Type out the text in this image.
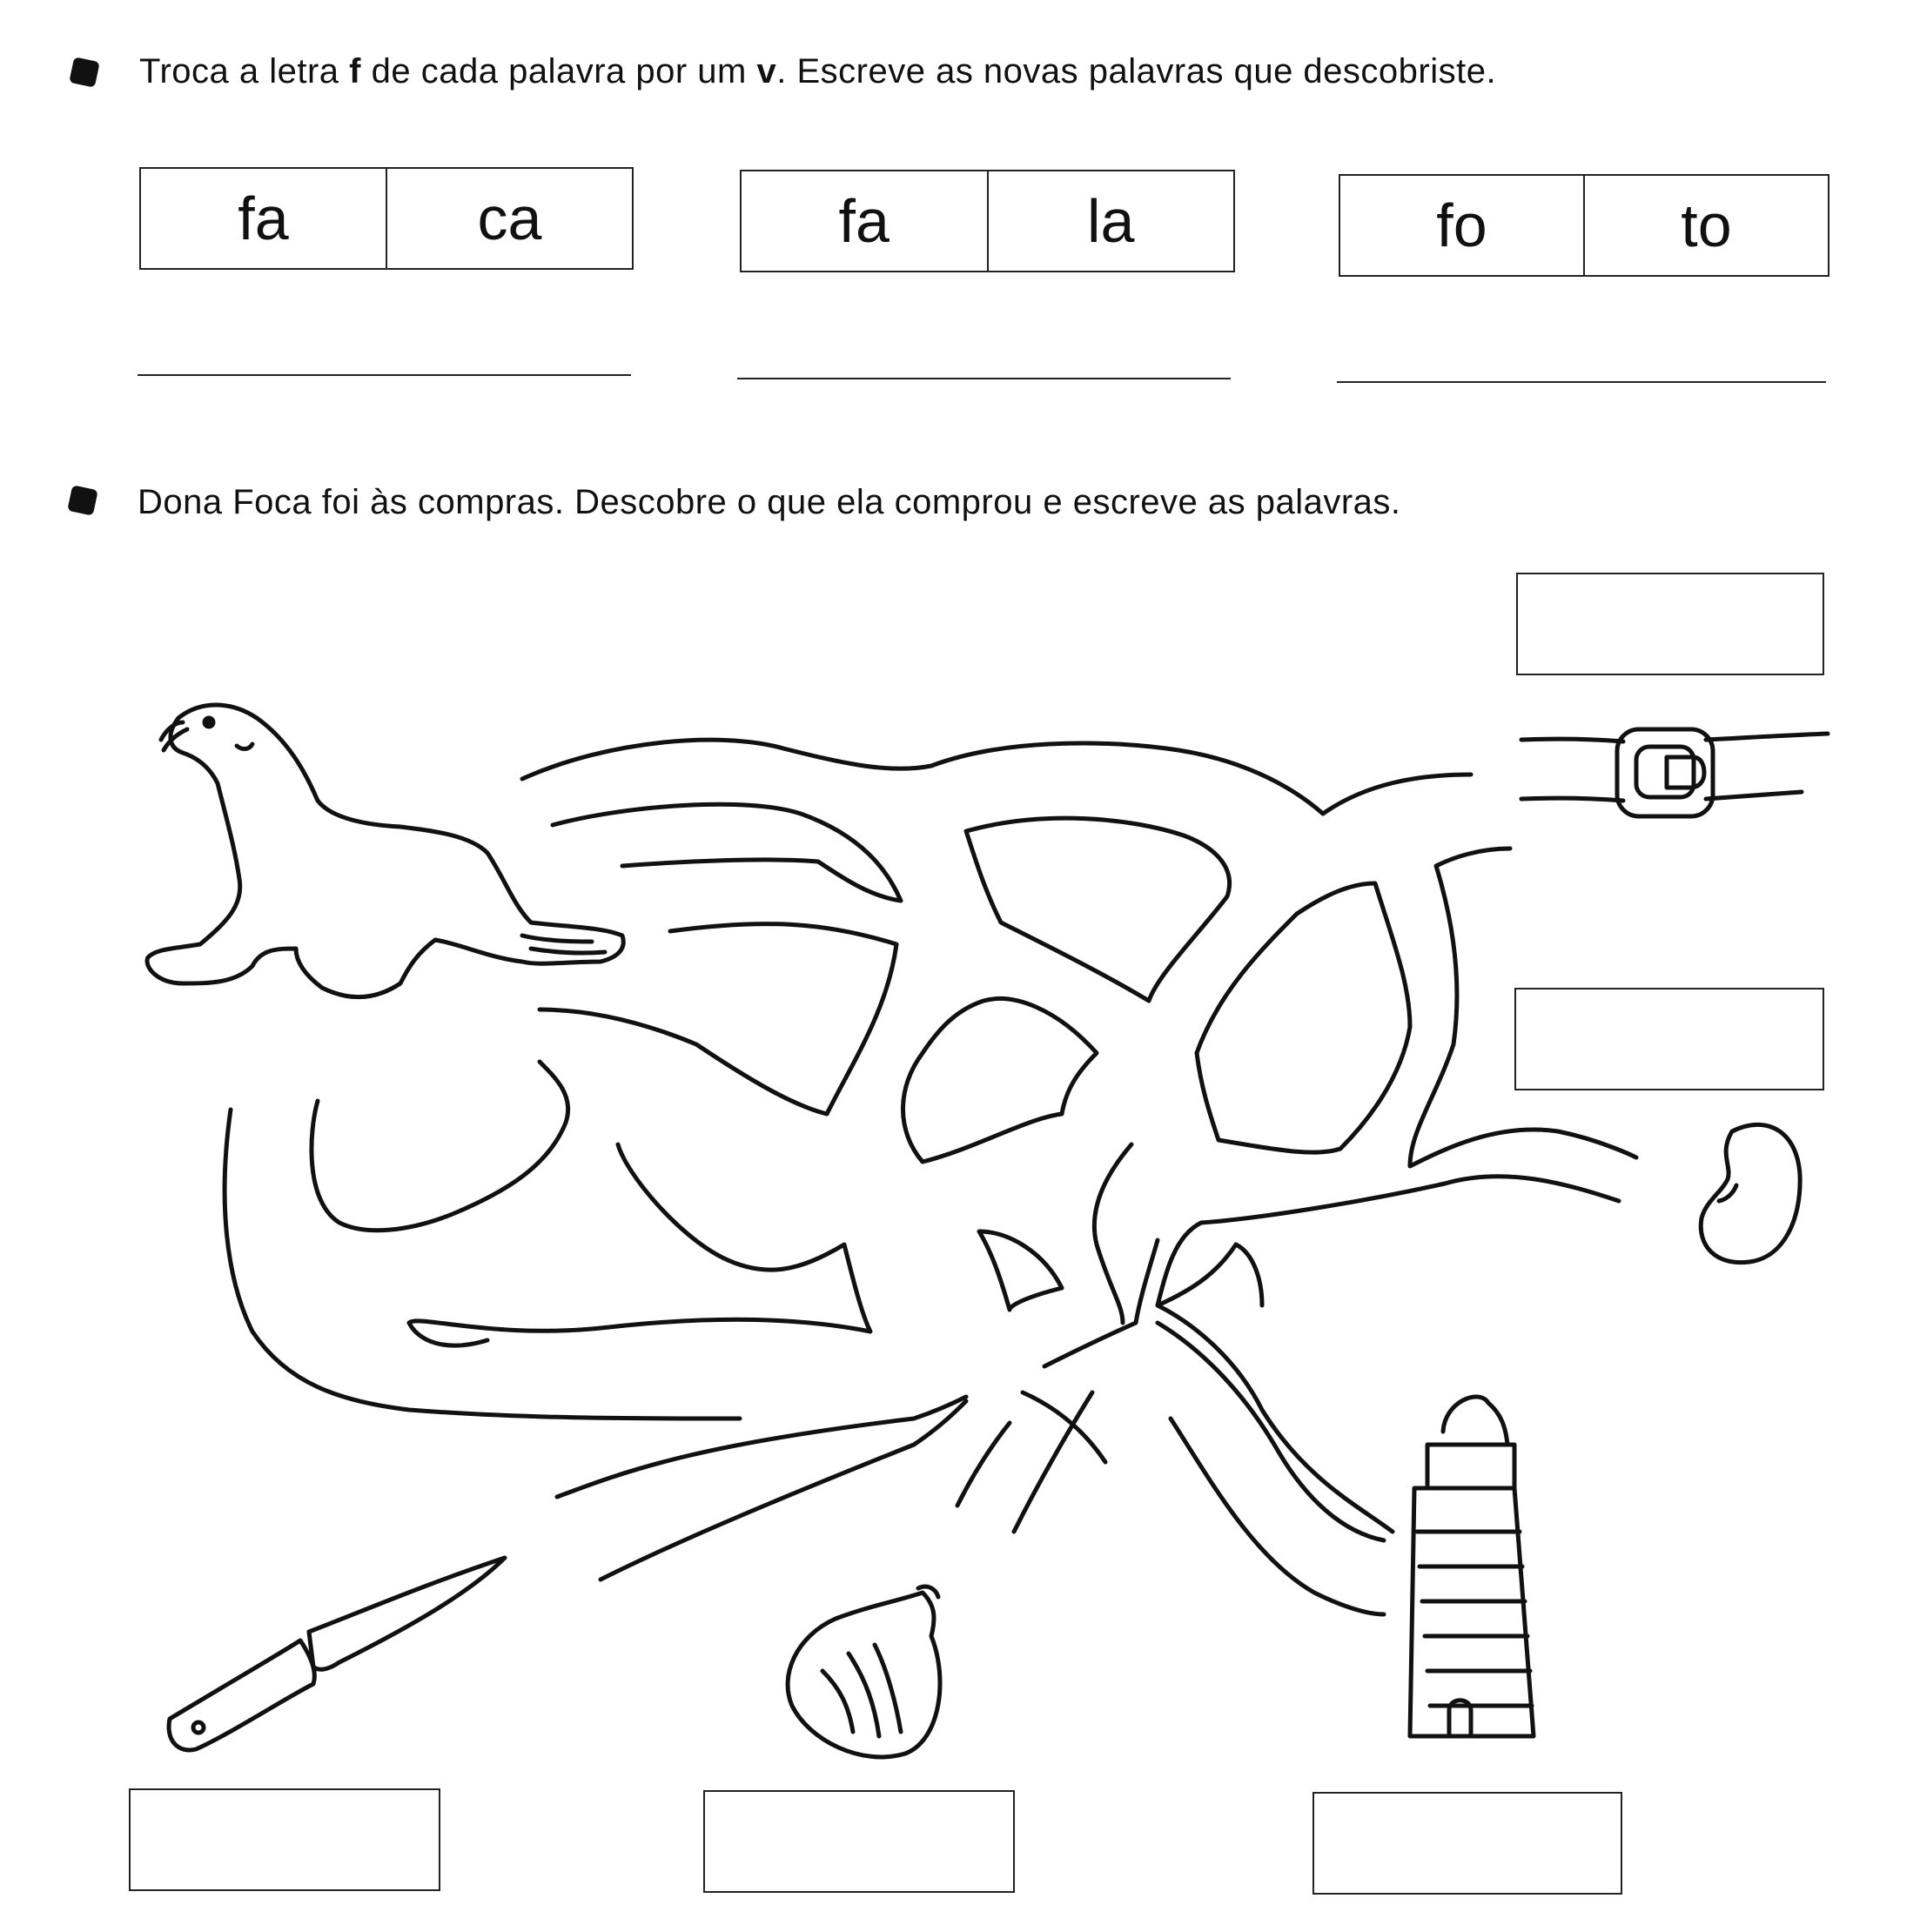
Troca a letra f de cada palavra por um v. Escreve as novas palavras que descobriste.
fa	ca	fa	la	fo	to
Dona Foca foi às compras. Descobre o que ela comprou e escreve as palavras.
